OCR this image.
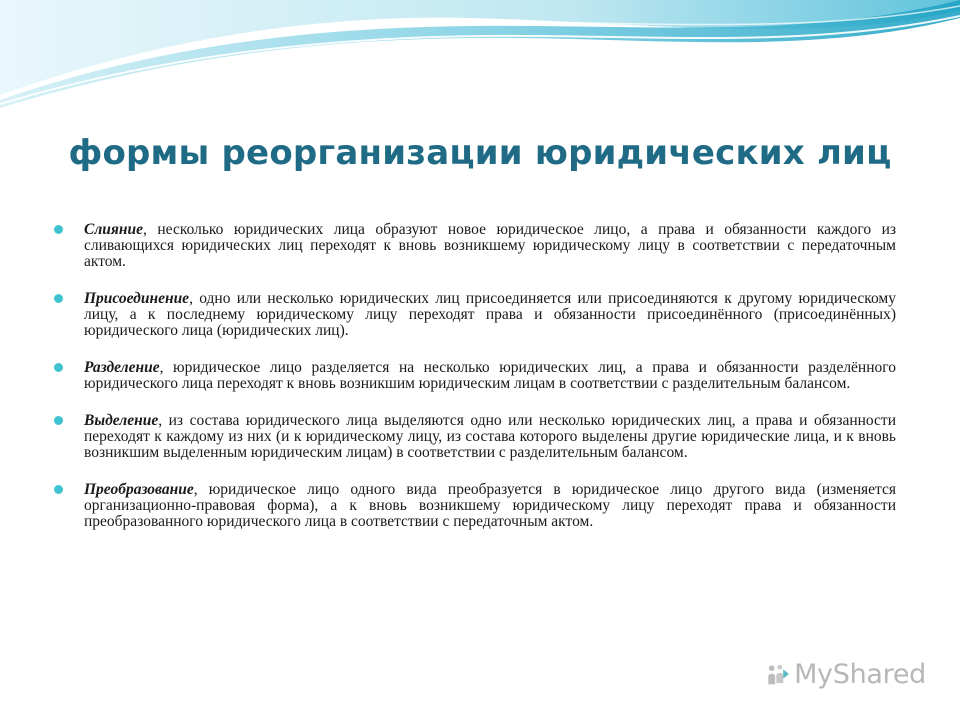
формы реорганизации юридических лиц
Слияние, несколько юридических лица образуют новое юридическое лицо, а права и обязанности каждого из сливающихся юридических лиц переходят к вновь возникшему юридическому лицу в соответствии с передаточным актом.
Присоединение, одно или несколько юридических лиц присоединяется или присоединяются к другому юридическому лицу, а к последнему юридическому лицу переходят права и обязанности присоединённого (присоединённых) юридического лица (юридических лиц).
Разделение, юридическое лицо разделяется на несколько юридических лиц, а права и обязанности разделённого юридического лица переходят к вновь возникшим юридическим лицам в соответствии с разделительным балансом.
Выделение, из состава юридического лица выделяются одно или несколько юридических лиц, а права и обязанности переходят к каждому из них (и к юридическому лицу, из состава которого выделены другие юридические лица, и к вновь возникшим выделенным юридическим лицам) в соответствии с разделительным балансом.
Преобразование, юридическое лицо одного вида преобразуется в юридическое лицо другого вида (изменяется организационно-правовая форма), а к вновь возникшему юридическому лицу переходят права и обязанности преобразованного юридического лица в соответствии с передаточным актом.
MyShared
